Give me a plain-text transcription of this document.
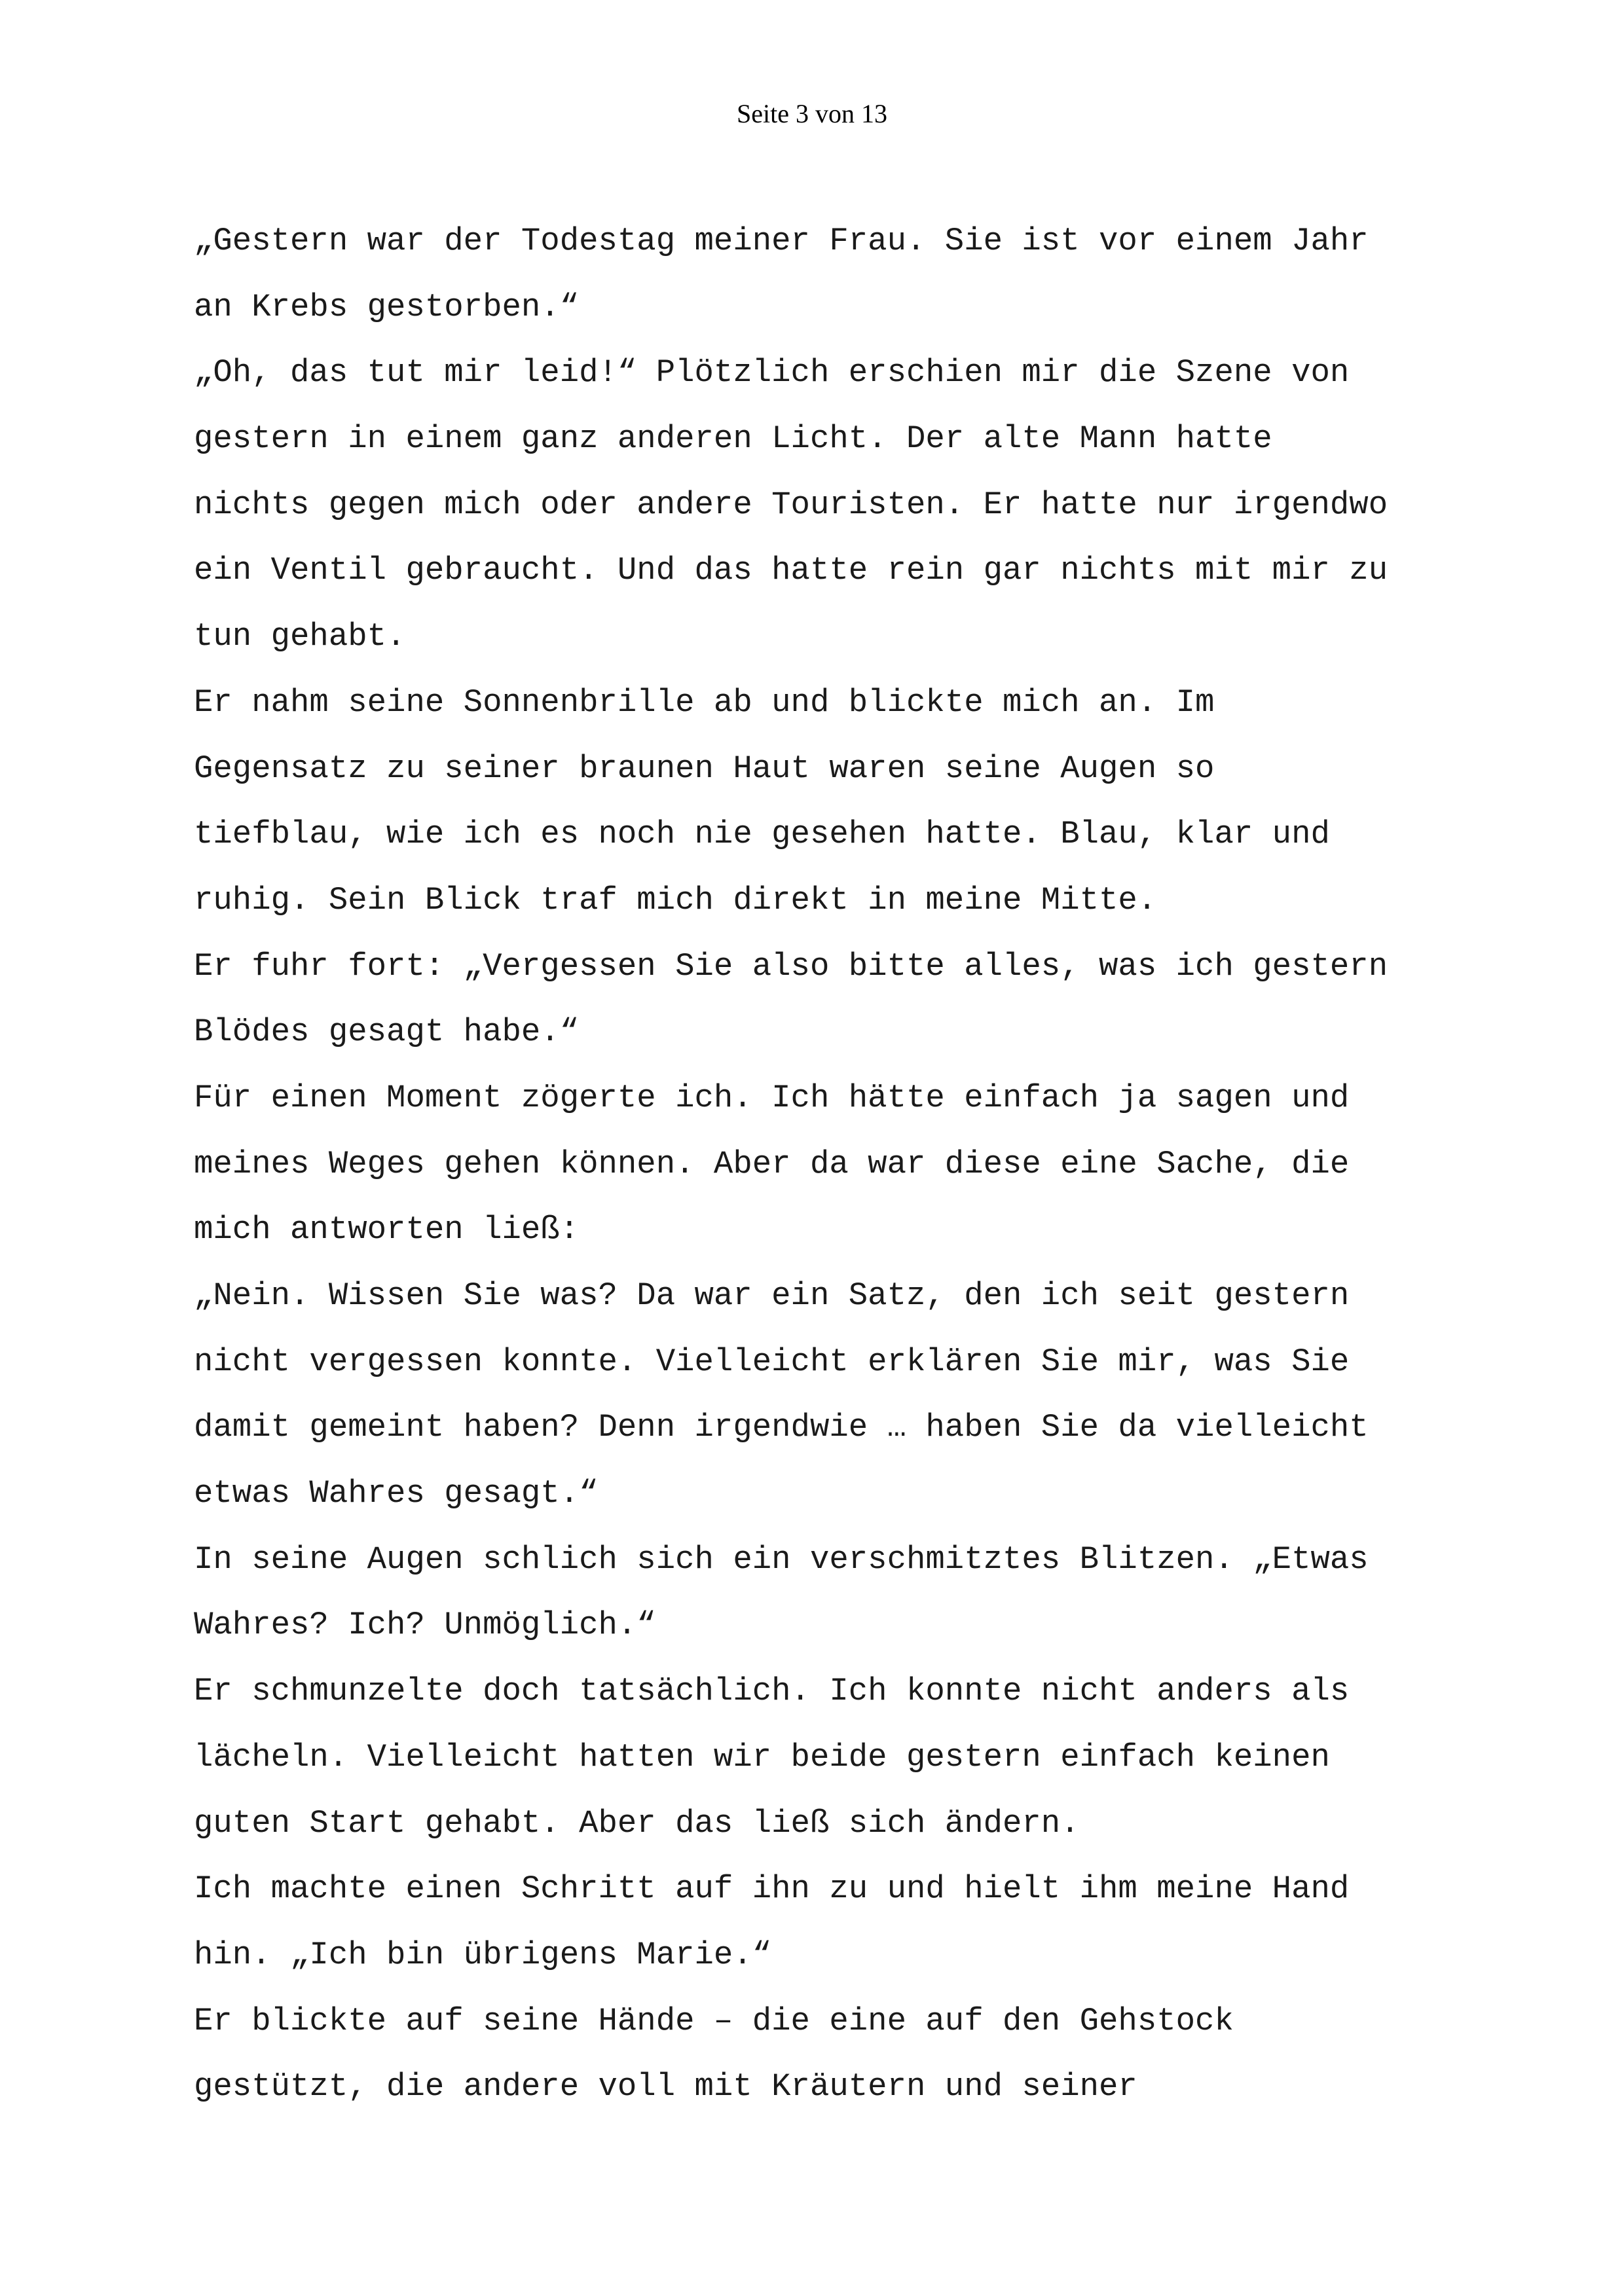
Seite 3 von 13
„Gestern war der Todestag meiner Frau. Sie ist vor einem Jahr
an Krebs gestorben.“
„Oh, das tut mir leid!“ Plötzlich erschien mir die Szene von
gestern in einem ganz anderen Licht. Der alte Mann hatte
nichts gegen mich oder andere Touristen. Er hatte nur irgendwo
ein Ventil gebraucht. Und das hatte rein gar nichts mit mir zu
tun gehabt.
Er nahm seine Sonnenbrille ab und blickte mich an. Im
Gegensatz zu seiner braunen Haut waren seine Augen so
tiefblau, wie ich es noch nie gesehen hatte. Blau, klar und
ruhig. Sein Blick traf mich direkt in meine Mitte.
Er fuhr fort: „Vergessen Sie also bitte alles, was ich gestern
Blödes gesagt habe.“
Für einen Moment zögerte ich. Ich hätte einfach ja sagen und
meines Weges gehen können. Aber da war diese eine Sache, die
mich antworten ließ:
„Nein. Wissen Sie was? Da war ein Satz, den ich seit gestern
nicht vergessen konnte. Vielleicht erklären Sie mir, was Sie
damit gemeint haben? Denn irgendwie … haben Sie da vielleicht
etwas Wahres gesagt.“
In seine Augen schlich sich ein verschmitztes Blitzen. „Etwas
Wahres? Ich? Unmöglich.“
Er schmunzelte doch tatsächlich. Ich konnte nicht anders als
lächeln. Vielleicht hatten wir beide gestern einfach keinen
guten Start gehabt. Aber das ließ sich ändern.
Ich machte einen Schritt auf ihn zu und hielt ihm meine Hand
hin. „Ich bin übrigens Marie.“
Er blickte auf seine Hände – die eine auf den Gehstock
gestützt, die andere voll mit Kräutern und seiner
